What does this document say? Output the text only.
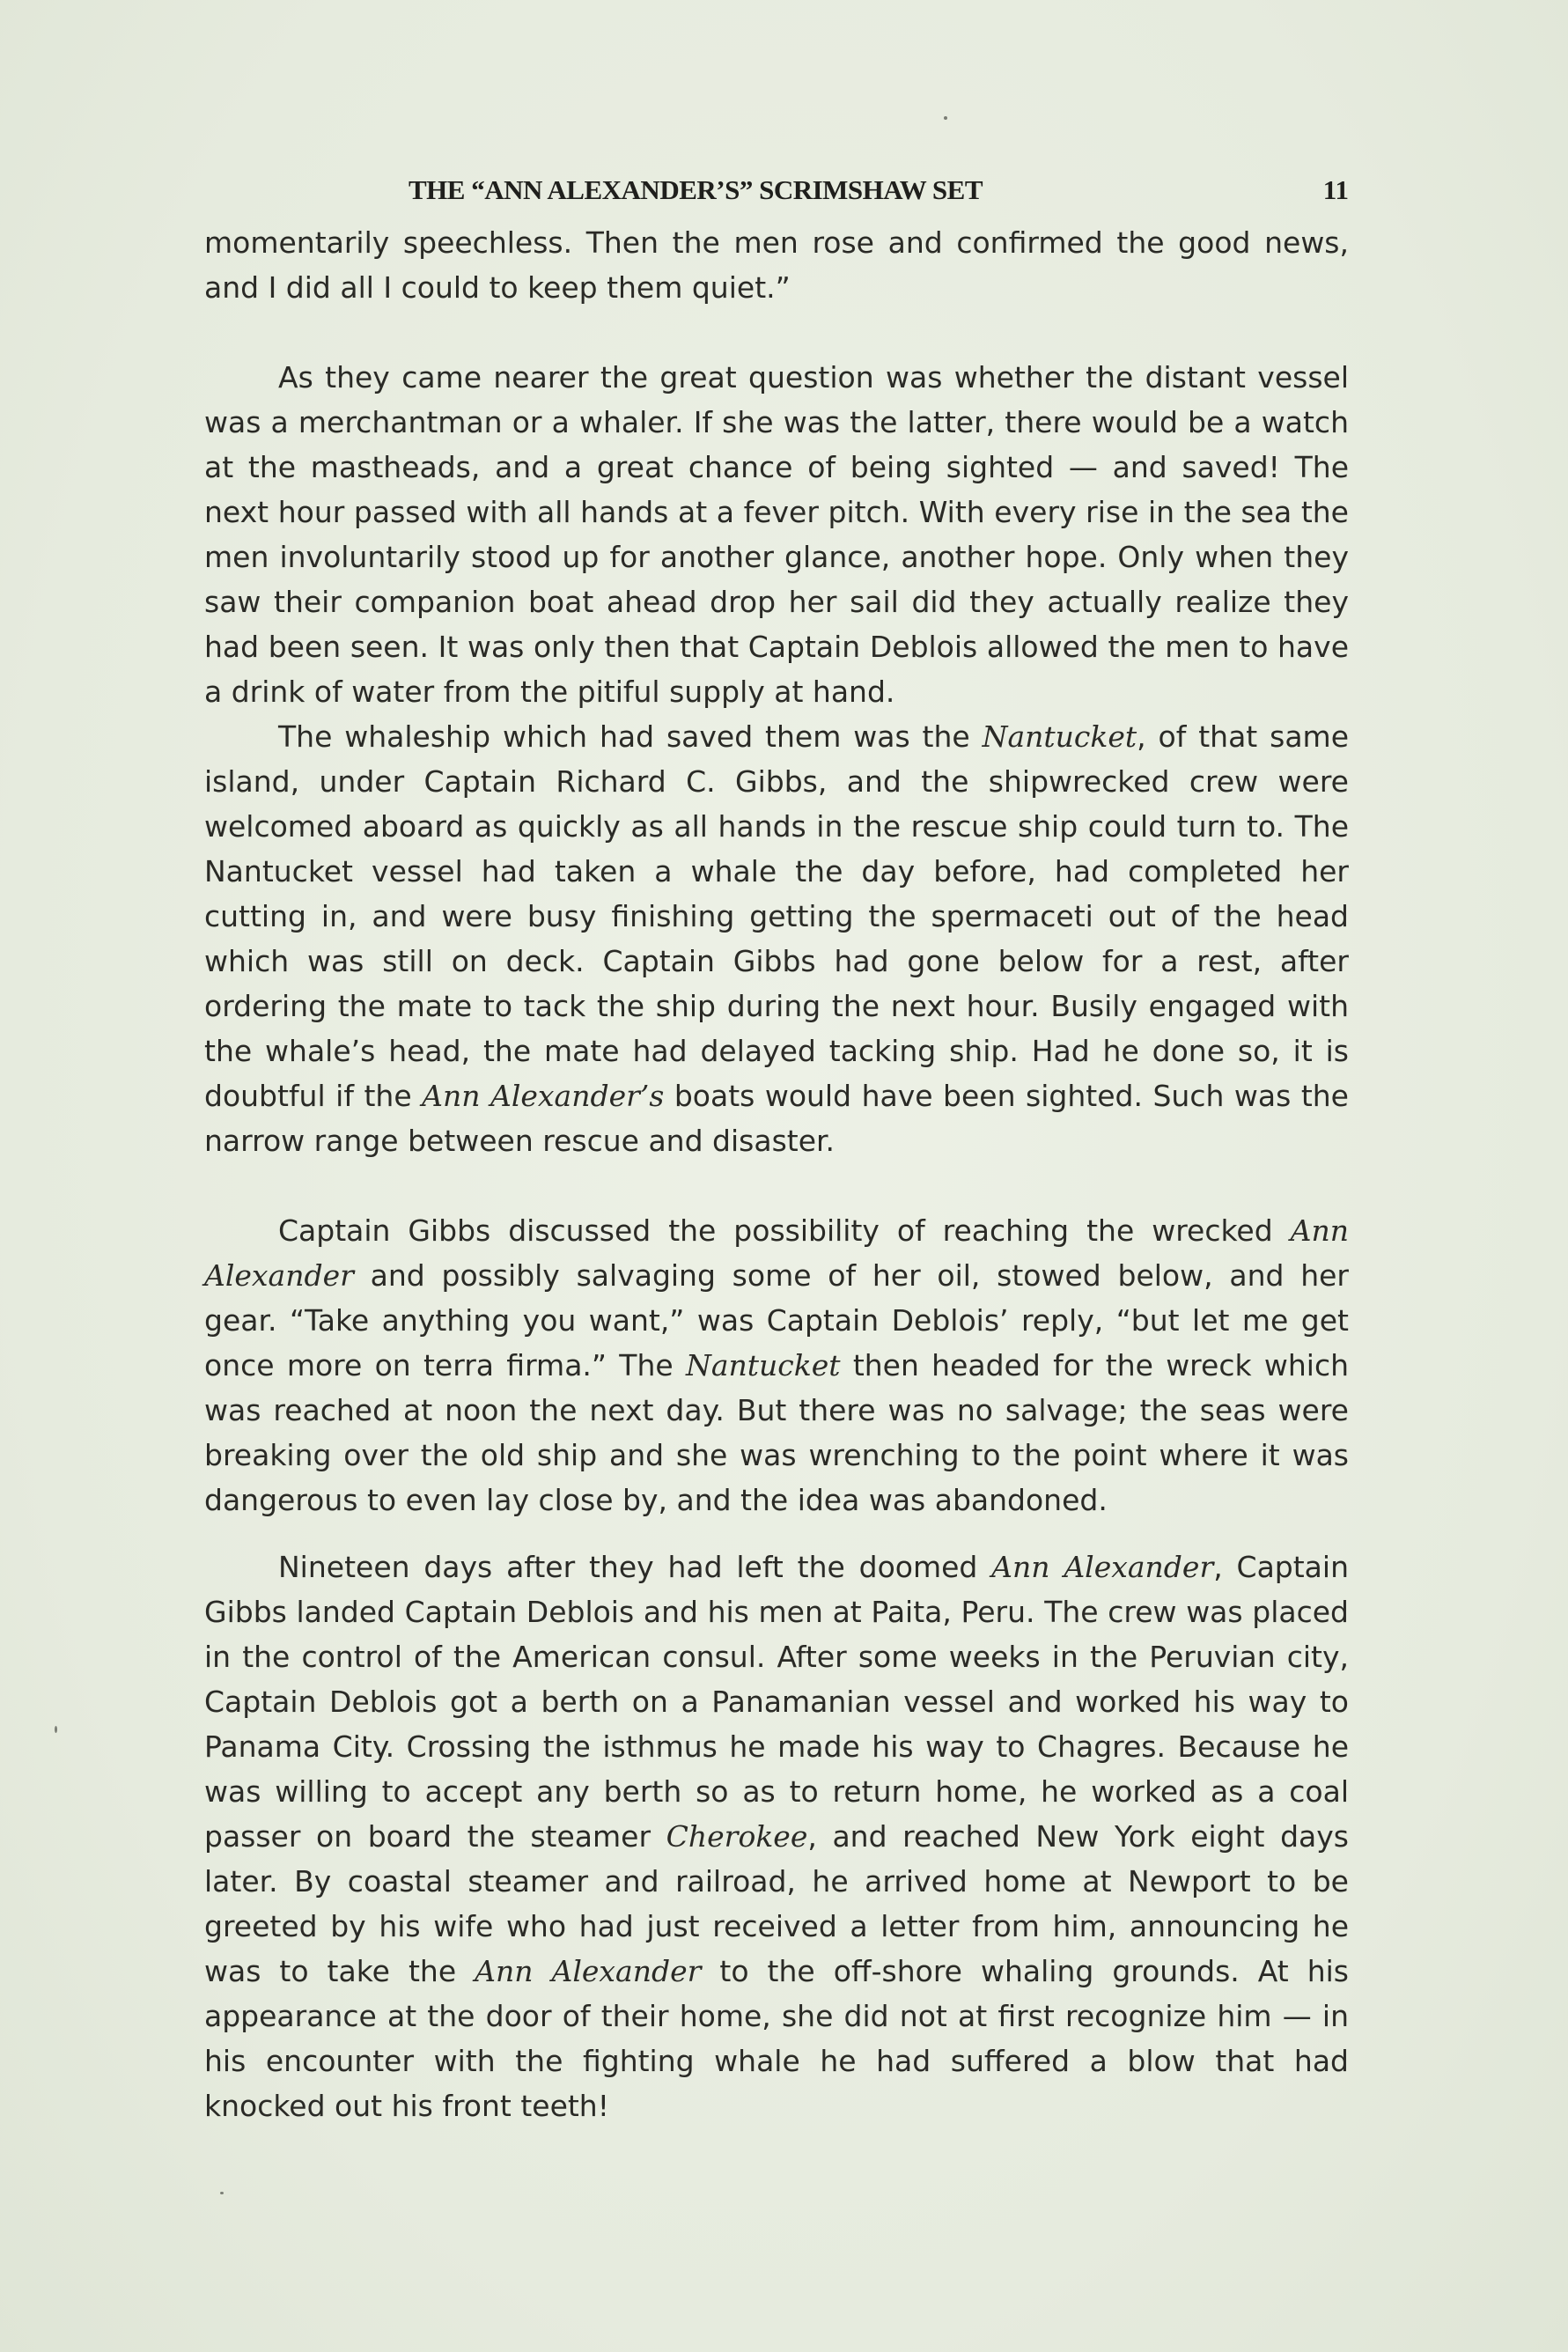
THE “ANN ALEXANDER’S” SCRIMSHAW SET	11

momentarily speechless. Then the men rose and confirmed the good news, and I did all I could to keep them quiet.”

As they came nearer the great question was whether the distant vessel was a merchantman or a whaler. If she was the latter, there would be a watch at the mastheads, and a great chance of being sighted — and saved! The next hour passed with all hands at a fever pitch. With every rise in the sea the men involuntarily stood up for another glance, another hope. Only when they saw their companion boat ahead drop her sail did they actually realize they had been seen. It was only then that Captain Deblois allowed the men to have a drink of water from the pitiful supply at hand.

The whaleship which had saved them was the Nantucket, of that same island, under Captain Richard C. Gibbs, and the shipwrecked crew were welcomed aboard as quickly as all hands in the rescue ship could turn to. The Nantucket vessel had taken a whale the day before, had completed her cutting in, and were busy finishing getting the spermaceti out of the head which was still on deck. Captain Gibbs had gone below for a rest, after ordering the mate to tack the ship during the next hour. Busily engaged with the whale’s head, the mate had delayed tacking ship. Had he done so, it is doubtful if the Ann Alexander’s boats would have been sighted. Such was the narrow range between rescue and disaster.

Captain Gibbs discussed the possibility of reaching the wrecked Ann Alexander and possibly salvaging some of her oil, stowed below, and her gear. “Take anything you want,” was Captain Deblois’ reply, “but let me get once more on terra firma.” The Nantucket then headed for the wreck which was reached at noon the next day. But there was no salvage; the seas were breaking over the old ship and she was wrenching to the point where it was dangerous to even lay close by, and the idea was abandoned.

Nineteen days after they had left the doomed Ann Alexander, Captain Gibbs landed Captain Deblois and his men at Paita, Peru. The crew was placed in the control of the American consul. After some weeks in the Peruvian city, Captain Deblois got a berth on a Panamanian vessel and worked his way to Panama City. Crossing the isthmus he made his way to Chagres. Because he was willing to accept any berth so as to return home, he worked as a coal passer on board the steamer Cherokee, and reached New York eight days later. By coastal steamer and railroad, he arrived home at Newport to be greeted by his wife who had just received a letter from him, announcing he was to take the Ann Alexander to the off-shore whaling grounds. At his appearance at the door of their home, she did not at first recognize him — in his encounter with the fighting whale he had suffered a blow that had knocked out his front teeth!
